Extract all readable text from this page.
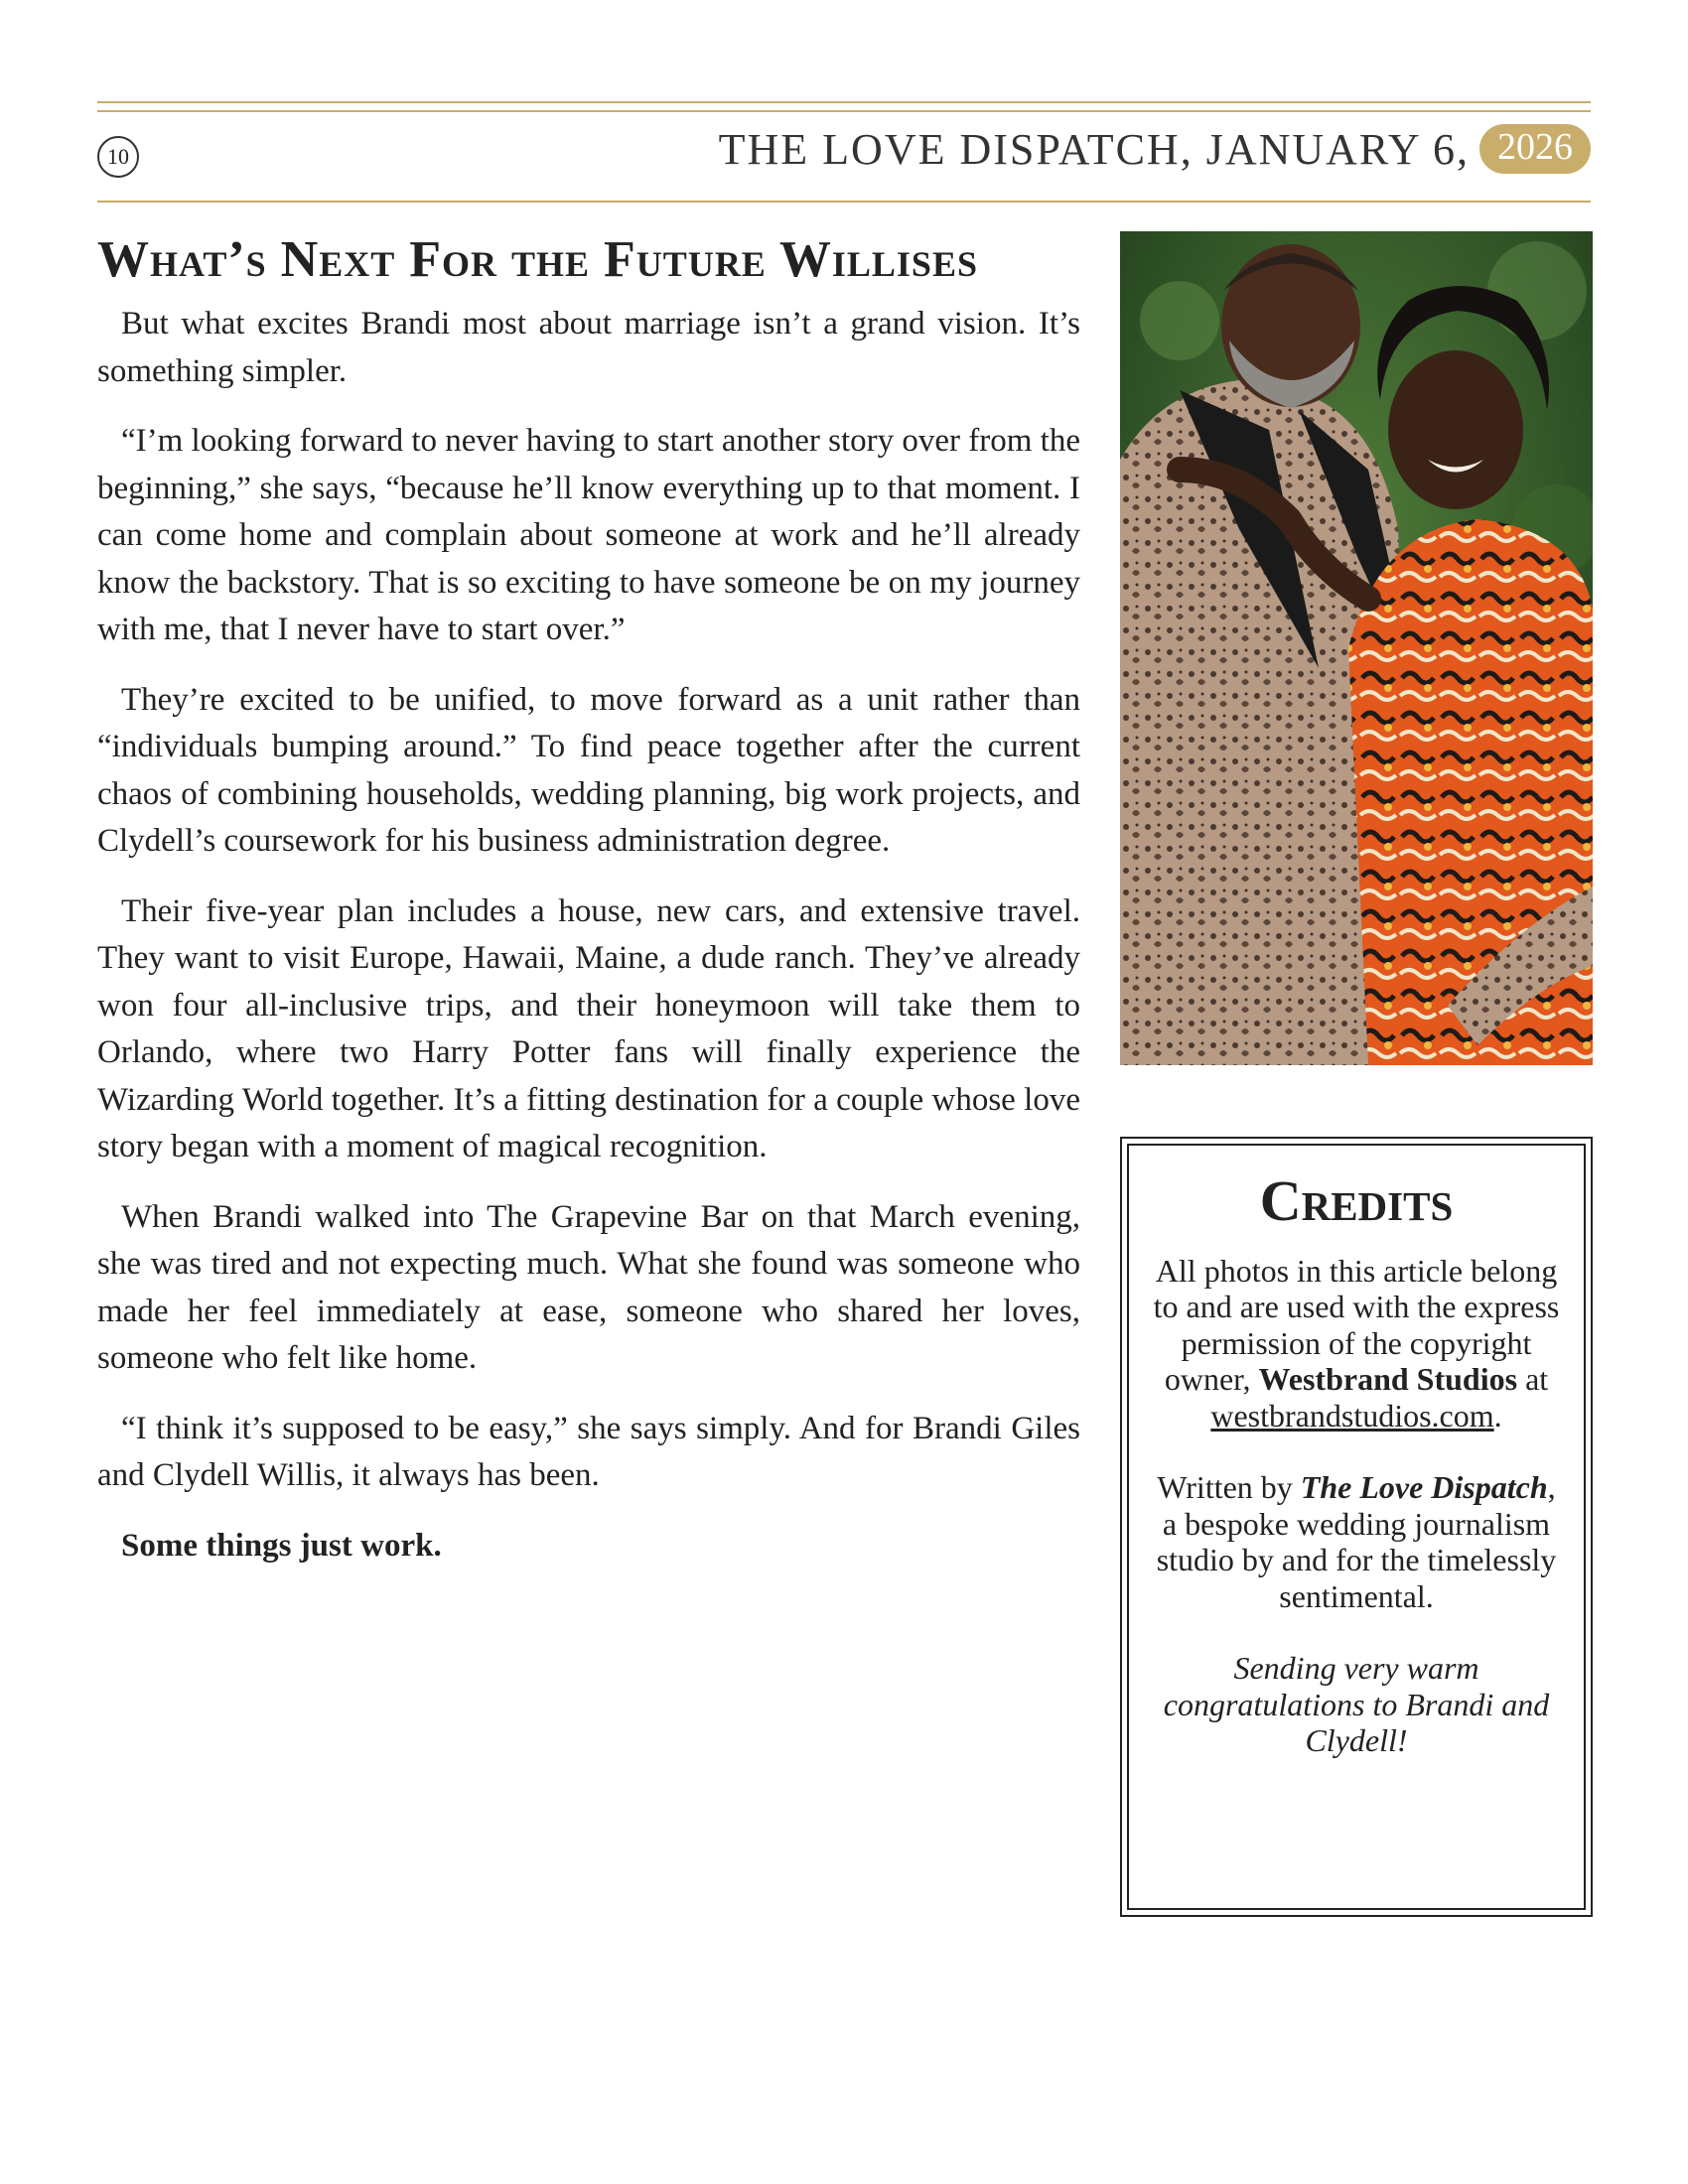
10	THE LOVE DISPATCH, JANUARY 6, 2026
What’s Next For the Future Willises

But what excites Brandi most about marriage isn’t a grand vision. It’s something simpler.

“I’m looking forward to never having to start another story over from the beginning,” she says, “because he’ll know everything up to that moment. I can come home and complain about someone at work and he’ll already know the backstory. That is so exciting to have someone be on my journey with me, that I never have to start over.”

They’re excited to be unified, to move forward as a unit rather than “individuals bumping around.” To find peace together after the current chaos of combining households, wedding planning, big work projects, and Clydell’s coursework for his business administration degree.

Their five-year plan includes a house, new cars, and extensive travel. They want to visit Europe, Hawaii, Maine, a dude ranch. They’ve already won four all-inclusive trips, and their honeymoon will take them to Orlando, where two Harry Potter fans will finally experience the Wizarding World together. It’s a fitting destination for a couple whose love story began with a moment of magical recognition.

When Brandi walked into The Grapevine Bar on that March evening, she was tired and not expecting much. What she found was someone who made her feel immediately at ease, someone who shared her loves, someone who felt like home.

“I think it’s supposed to be easy,” she says simply. And for Brandi Giles and Clydell Willis, it always has been.

Some things just work.

Credits

All photos in this article belong to and are used with the express permission of the copyright owner, Westbrand Studios at westbrandstudios.com.

Written by The Love Dispatch, a bespoke wedding journalism studio by and for the timelessly sentimental.

Sending very warm congratulations to Brandi and Clydell!
